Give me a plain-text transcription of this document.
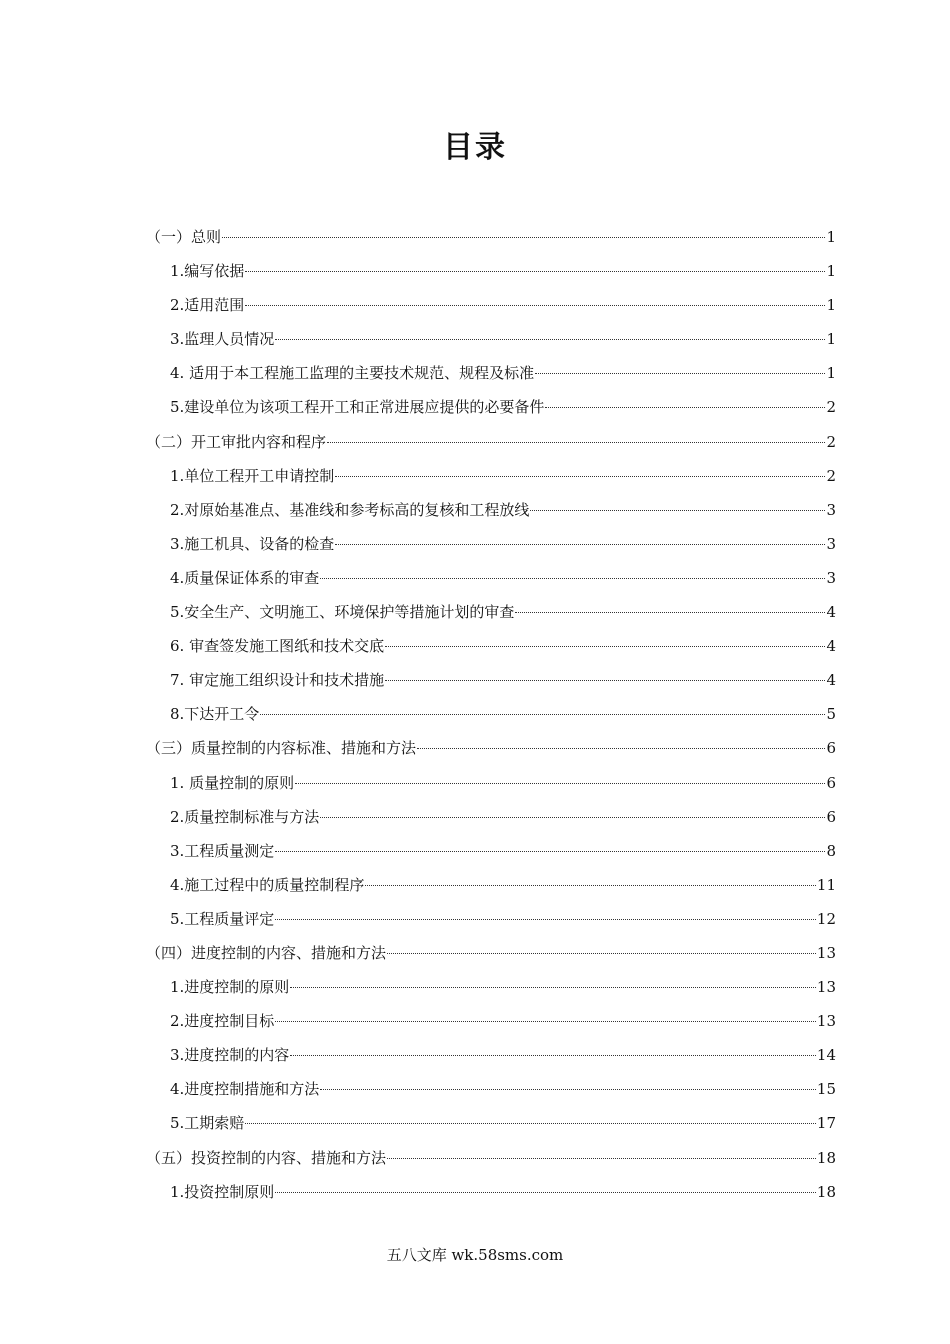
目录
（一）总则	1
1.编写依据	1
2.适用范围	1
3.监理人员情况	1
4. 适用于本工程施工监理的主要技术规范、规程及标准	1
5.建设单位为该项工程开工和正常进展应提供的必要备件	2
（二）开工审批内容和程序	2
1.单位工程开工申请控制	2
2.对原始基准点、基准线和参考标高的复核和工程放线	3
3.施工机具、设备的检查	3
4.质量保证体系的审查	3
5.安全生产、文明施工、环境保护等措施计划的审查	4
6. 审查签发施工图纸和技术交底	4
7. 审定施工组织设计和技术措施	4
8.下达开工令	5
（三）质量控制的内容标准、措施和方法	6
1. 质量控制的原则	6
2.质量控制标准与方法	6
3.工程质量测定	8
4.施工过程中的质量控制程序	11
5.工程质量评定	12
（四）进度控制的内容、措施和方法	13
1.进度控制的原则	13
2.进度控制目标	13
3.进度控制的内容	14
4.进度控制措施和方法	15
5.工期索赔	17
（五）投资控制的内容、措施和方法	18
1.投资控制原则	18
五八文库 wk.58sms.com
